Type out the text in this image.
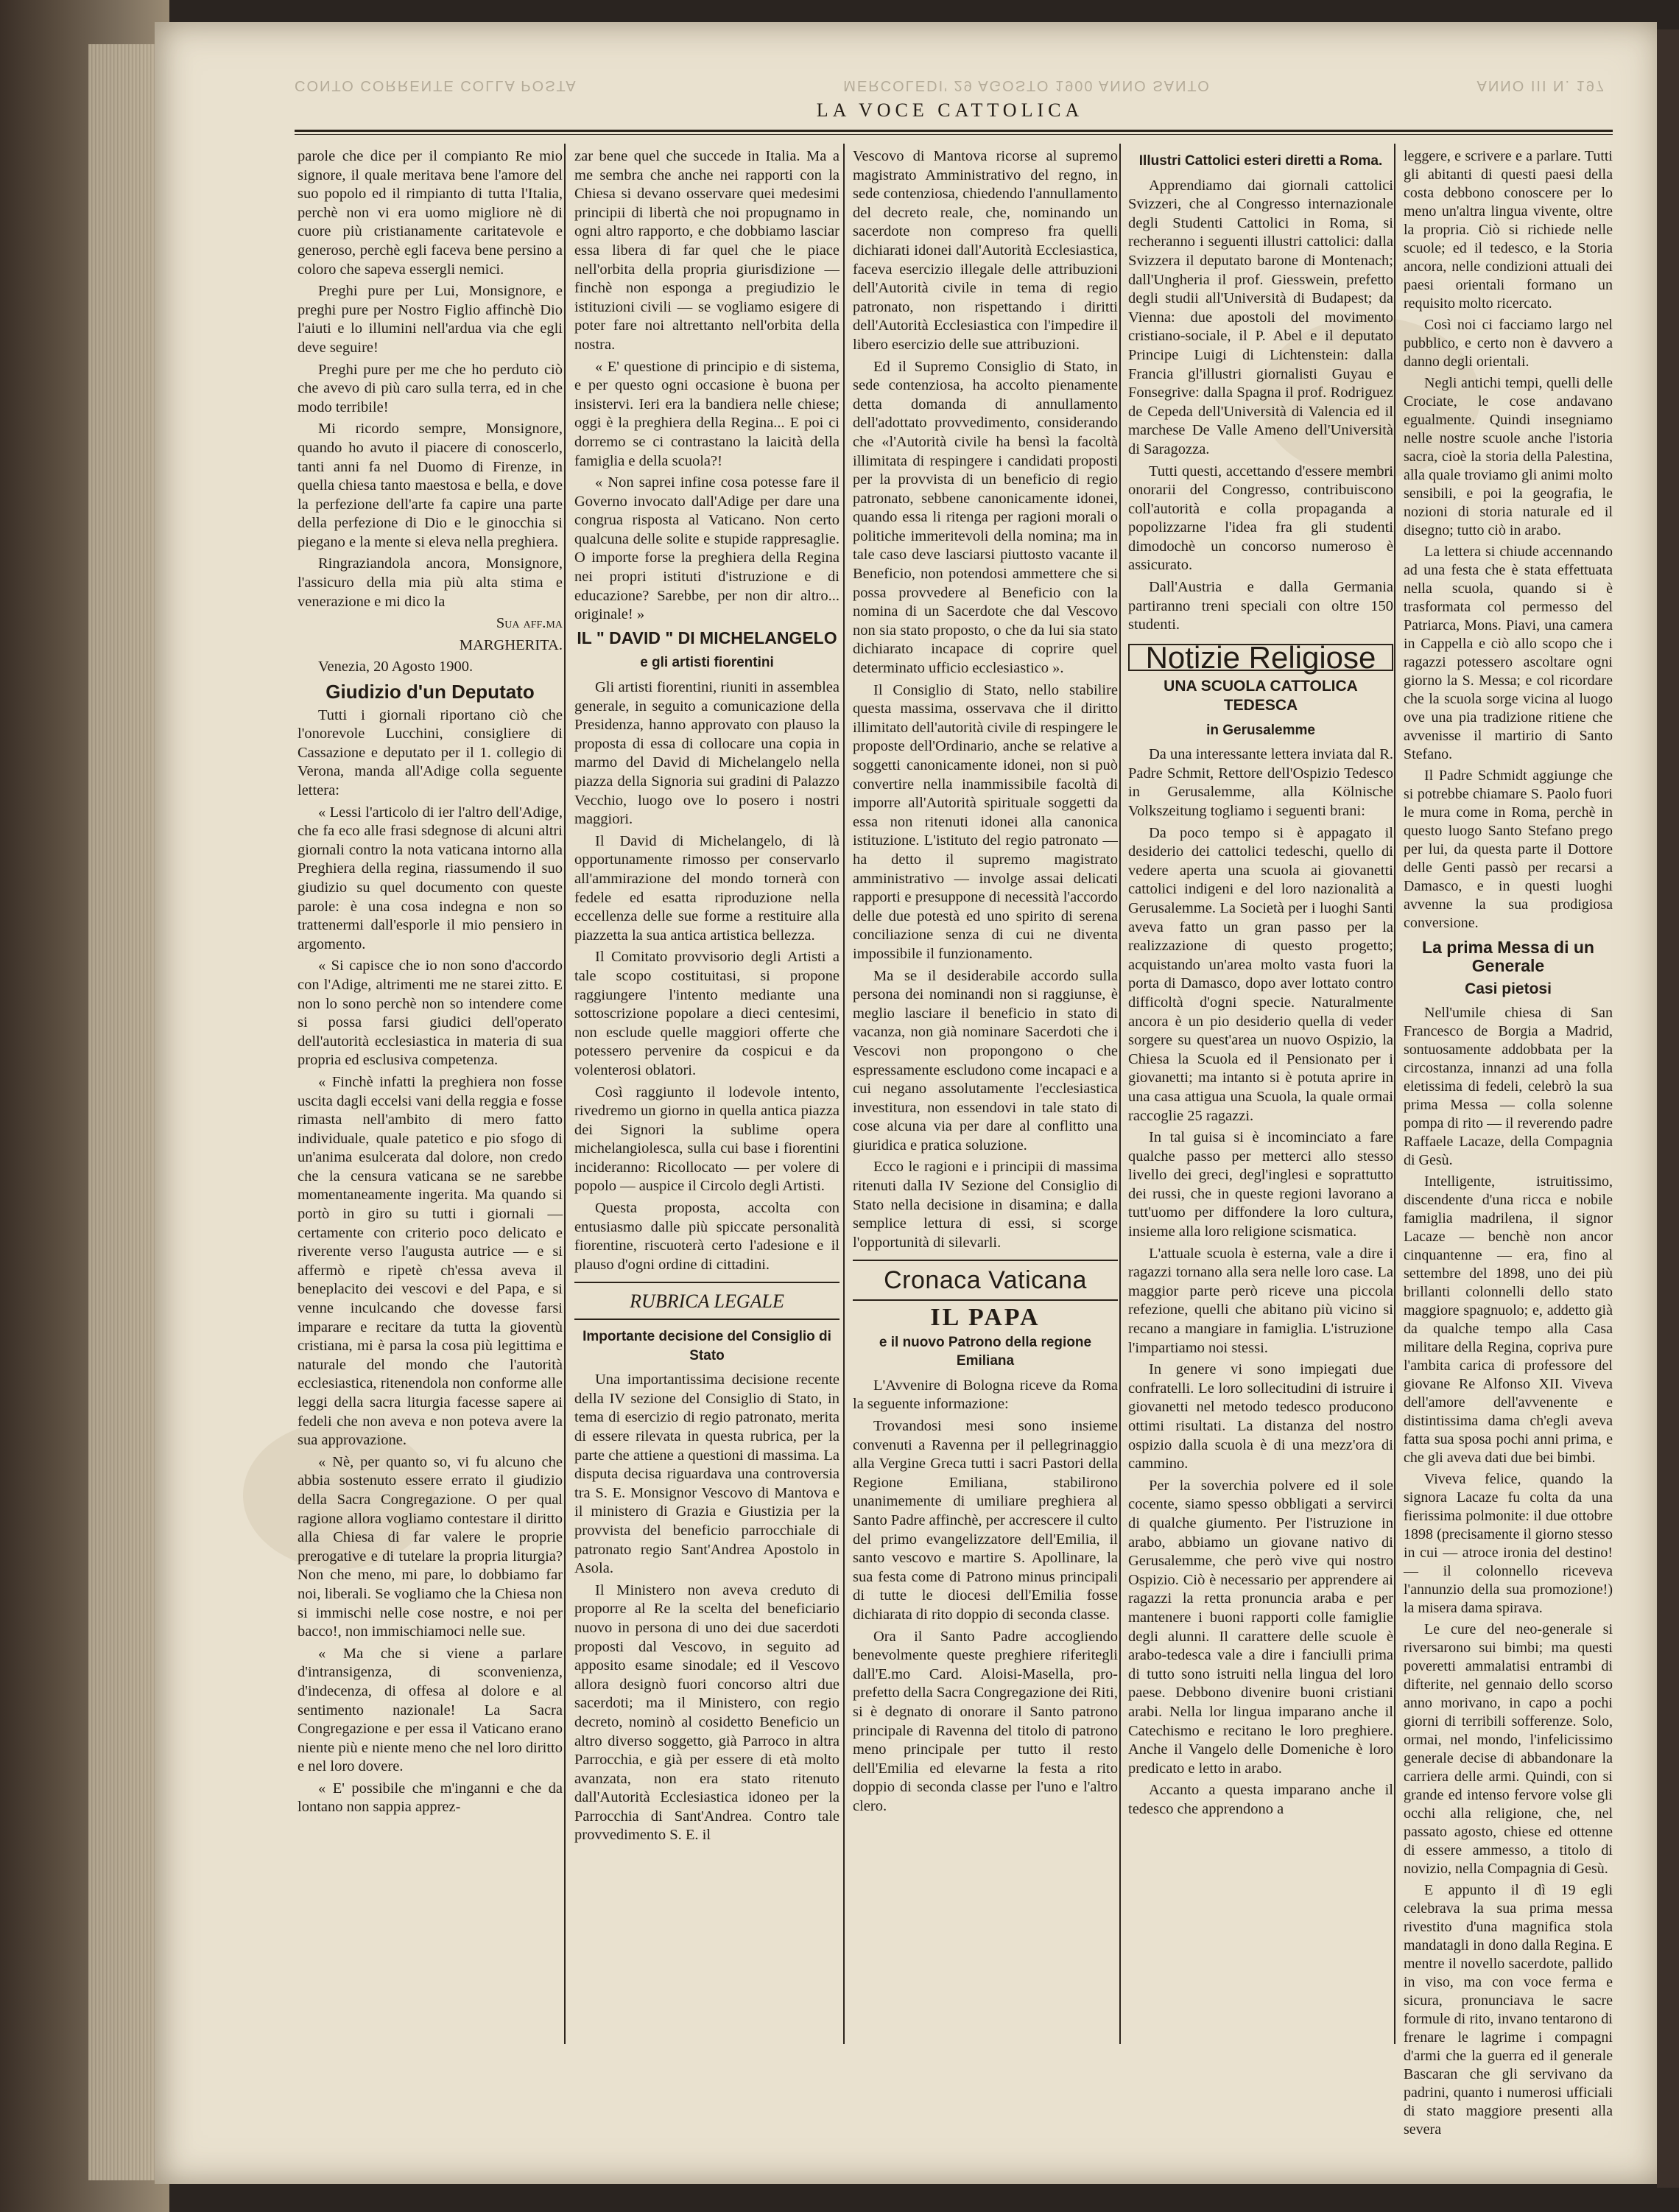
CONTO CORRENTE COLLA POSTA	MERCOLEDI' 29 AGOSTO 1900 ANNO SANTO	ANNO III N. 197
LA VOCE CATTOLICA

parole che dice per il compianto Re mio signore, il quale meritava bene l'amore del suo popolo ed il rimpianto di tutta l'Italia, perchè non vi era uomo migliore nè di cuore più cristianamente caritatevole e generoso, perchè egli faceva bene persino a coloro che sapeva essergli nemici.

Preghi pure per Lui, Monsignore, e preghi pure per Nostro Figlio affinchè Dio l'aiuti e lo illumini nell'ardua via che egli deve seguire!

Preghi pure per me che ho perduto ciò che avevo di più caro sulla terra, ed in che modo terribile!

Mi ricordo sempre, Monsignore, quando ho avuto il piacere di conoscerlo, tanti anni fa nel Duomo di Firenze, in quella chiesa tanto maestosa e bella, e dove la perfezione dell'arte fa capire una parte della perfezione di Dio e le ginocchia si piegano e la mente si eleva nella preghiera.

Ringraziandola ancora, Monsignore, l'assicuro della mia più alta stima e venerazione e mi dico la

Sua aff.ma

MARGHERITA.

Venezia, 20 Agosto 1900.

Giudizio d'un Deputato

Tutti i giornali riportano ciò che l'onorevole Lucchini, consigliere di Cassazione e deputato per il 1. collegio di Verona, manda all'Adige colla seguente lettera:

« Lessi l'articolo di ier l'altro dell'Adige, che fa eco alle frasi sdegnose di alcuni altri giornali contro la nota vaticana intorno alla Preghiera della regina, riassumendo il suo giudizio su quel documento con queste parole: è una cosa indegna e non so trattenermi dall'esporle il mio pensiero in argomento.

« Si capisce che io non sono d'accordo con l'Adige, altrimenti me ne starei zitto. E non lo sono perchè non so intendere come si possa farsi giudici dell'operato dell'autorità ecclesiastica in materia di sua propria ed esclusiva competenza.

« Finchè infatti la preghiera non fosse uscita dagli eccelsi vani della reggia e fosse rimasta nell'ambito di mero fatto individuale, quale patetico e pio sfogo di un'anima esulcerata dal dolore, non credo che la censura vaticana se ne sarebbe momentaneamente ingerita. Ma quando si portò in giro su tutti i giornali — certamente con criterio poco delicato e riverente verso l'augusta autrice — e si affermò e ripetè ch'essa aveva il beneplacito dei vescovi e del Papa, e si venne inculcando che dovesse farsi imparare e recitare da tutta la gioventù cristiana, mi è parsa la cosa più legittima e naturale del mondo che l'autorità ecclesiastica, ritenendola non conforme alle leggi della sacra liturgia facesse sapere ai fedeli che non aveva e non poteva avere la sua approvazione.

« Nè, per quanto so, vi fu alcuno che abbia sostenuto essere errato il giudizio della Sacra Congregazione. O per qual ragione allora vogliamo contestare il diritto alla Chiesa di far valere le proprie prerogative e di tutelare la propria liturgia? Non che meno, mi pare, lo dobbiamo far noi, liberali. Se vogliamo che la Chiesa non si immischi nelle cose nostre, e noi per bacco!, non immischiamoci nelle sue.

« Ma che si viene a parlare d'intransigenza, di sconvenienza, d'indecenza, di offesa al dolore e al sentimento nazionale! La Sacra Congregazione e per essa il Vaticano erano niente più e niente meno che nel loro diritto e nel loro dovere.

« E' possibile che m'inganni e che da lontano non sappia apprez-

zar bene quel che succede in Italia. Ma a me sembra che anche nei rapporti con la Chiesa si devano osservare quei medesimi principii di libertà che noi propugnamo in ogni altro rapporto, e che dobbiamo lasciar essa libera di far quel che le piace nell'orbita della propria giurisdizione — finchè non esponga a pregiudizio le istituzioni civili — se vogliamo esigere di poter fare noi altrettanto nell'orbita della nostra.

« E' questione di principio e di sistema, e per questo ogni occasione è buona per insistervi. Ieri era la bandiera nelle chiese; oggi è la preghiera della Regina... E poi ci dorremo se ci contrastano la laicità della famiglia e della scuola?!

« Non saprei infine cosa potesse fare il Governo invocato dall'Adige per dare una congrua risposta al Vaticano. Non certo qualcuna delle solite e stupide rappresaglie. O importe forse la preghiera della Regina nei propri istituti d'istruzione e di educazione? Sarebbe, per non dir altro... originale! »

IL " DAVID " DI MICHELANGELO
e gli artisti fiorentini

Gli artisti fiorentini, riuniti in assemblea generale, in seguito a comunicazione della Presidenza, hanno approvato con plauso la proposta di essa di collocare una copia in marmo del David di Michelangelo nella piazza della Signoria sui gradini di Palazzo Vecchio, luogo ove lo posero i nostri maggiori.

Il David di Michelangelo, di là opportunamente rimosso per conservarlo all'ammirazione del mondo tornerà con fedele ed esatta riproduzione nella eccellenza delle sue forme a restituire alla piazzetta la sua antica artistica bellezza.

Il Comitato provvisorio degli Artisti a tale scopo costituitasi, si propone raggiungere l'intento mediante una sottoscrizione popolare a dieci centesimi, non esclude quelle maggiori offerte che potessero pervenire da cospicui e da volenterosi oblatori.

Così raggiunto il lodevole intento, rivedremo un giorno in quella antica piazza dei Signori la sublime opera michelangiolesca, sulla cui base i fiorentini incideranno: Ricollocato — per volere di popolo — auspice il Circolo degli Artisti.

Questa proposta, accolta con entusiasmo dalle più spiccate personalità fiorentine, riscuoterà certo l'adesione e il plauso d'ogni ordine di cittadini.

RUBRICA LEGALE
Importante decisione del Consiglio di Stato

Una importantissima decisione recente della IV sezione del Consiglio di Stato, in tema di esercizio di regio patronato, merita di essere rilevata in questa rubrica, per la parte che attiene a questioni di massima. La disputa decisa riguardava una controversia tra S. E. Monsignor Vescovo di Mantova e il ministero di Grazia e Giustizia per la provvista del beneficio parrocchiale di patronato regio Sant'Andrea Apostolo in Asola.

Il Ministero non aveva creduto di proporre al Re la scelta del beneficiario nuovo in persona di uno dei due sacerdoti proposti dal Vescovo, in seguito ad apposito esame sinodale; ed il Vescovo allora designò fuori concorso altri due sacerdoti; ma il Ministero, con regio decreto, nominò al cosidetto Beneficio un altro diverso soggetto, già Parroco in altra Parrocchia, e già per essere di età molto avanzata, non era stato ritenuto dall'Autorità Ecclesiastica idoneo per la Parrocchia di Sant'Andrea. Contro tale provvedimento S. E. il

Vescovo di Mantova ricorse al supremo magistrato Amministrativo del regno, in sede contenziosa, chiedendo l'annullamento del decreto reale, che, nominando un sacerdote non compreso fra quelli dichiarati idonei dall'Autorità Ecclesiastica, faceva esercizio illegale delle attribuzioni dell'Autorità civile in tema di regio patronato, non rispettando i diritti dell'Autorità Ecclesiastica con l'impedire il libero esercizio delle sue attribuzioni.

Ed il Supremo Consiglio di Stato, in sede contenziosa, ha accolto pienamente detta domanda di annullamento dell'adottato provvedimento, considerando che «l'Autorità civile ha bensì la facoltà illimitata di respingere i candidati proposti per la provvista di un beneficio di regio patronato, sebbene canonicamente idonei, quando essa li ritenga per ragioni morali o politiche immeritevoli della nomina; ma in tale caso deve lasciarsi piuttosto vacante il Beneficio, non potendosi ammettere che si possa provvedere al Beneficio con la nomina di un Sacerdote che dal Vescovo non sia stato proposto, o che da lui sia stato dichiarato incapace di coprire quel determinato ufficio ecclesiastico ».

Il Consiglio di Stato, nello stabilire questa massima, osservava che il diritto illimitato dell'autorità civile di respingere le proposte dell'Ordinario, anche se relative a soggetti canonicamente idonei, non si può convertire nella inammissibile facoltà di imporre all'Autorità spirituale soggetti da essa non ritenuti idonei alla canonica istituzione. L'istituto del regio patronato — ha detto il supremo magistrato amministrativo — involge assai delicati rapporti e presuppone di necessità l'accordo delle due potestà ed uno spirito di serena conciliazione senza di cui ne diventa impossibile il funzionamento.

Ma se il desiderabile accordo sulla persona dei nominandi non si raggiunse, è meglio lasciare il beneficio in stato di vacanza, non già nominare Sacerdoti che i Vescovi non propongono o che espressamente escludono come incapaci e a cui negano assolutamente l'ecclesiastica investitura, non essendovi in tale stato di cose alcuna via per dare al conflitto una giuridica e pratica soluzione.

Ecco le ragioni e i principii di massima ritenuti dalla IV Sezione del Consiglio di Stato nella decisione in disamina; e dalla semplice lettura di essi, si scorge l'opportunità di silevarli.

Cronaca Vaticana
IL PAPA
e il nuovo Patrono della regione Emiliana

L'Avvenire di Bologna riceve da Roma la seguente informazione:

Trovandosi mesi sono insieme convenuti a Ravenna per il pellegrinaggio alla Vergine Greca tutti i sacri Pastori della Regione Emiliana, stabilirono unanimemente di umiliare preghiera al Santo Padre affinchè, per accrescere il culto del primo evangelizzatore dell'Emilia, il santo vescovo e martire S. Apollinare, la sua festa come di Patrono minus principali di tutte le diocesi dell'Emilia fosse dichiarata di rito doppio di seconda classe.

Ora il Santo Padre accogliendo benevolmente queste preghiere riferitegli dall'E.mo Card. Aloisi-Masella, pro-prefetto della Sacra Congregazione dei Riti, si è degnato di onorare il Santo patrono principale di Ravenna del titolo di patrono meno principale per tutto il resto dell'Emilia ed elevarne la festa a rito doppio di seconda classe per l'uno e l'altro clero.

Illustri Cattolici esteri diretti a Roma.

Apprendiamo dai giornali cattolici Svizzeri, che al Congresso internazionale degli Studenti Cattolici in Roma, si recheranno i seguenti illustri cattolici: dalla Svizzera il deputato barone di Montenach; dall'Ungheria il prof. Giesswein, prefetto degli studii all'Università di Budapest; da Vienna: due apostoli del movimento cristiano-sociale, il P. Abel e il deputato Principe Luigi di Lichtenstein: dalla Francia gl'illustri giornalisti Guyau e Fonsegrive: dalla Spagna il prof. Rodriguez de Cepeda dell'Università di Valencia ed il marchese De Valle Ameno dell'Università di Saragozza.

Tutti questi, accettando d'essere membri onorarii del Congresso, contribuiscono coll'autorità e colla propaganda a popolizzarne l'idea fra gli studenti dimodochè un concorso numeroso è assicurato.

Dall'Austria e dalla Germania partiranno treni speciali con oltre 150 studenti.

Notizie Religiose
UNA SCUOLA CATTOLICA TEDESCA
in Gerusalemme

Da una interessante lettera inviata dal R. Padre Schmit, Rettore dell'Ospizio Tedesco in Gerusalemme, alla Kölnische Volkszeitung togliamo i seguenti brani:

Da poco tempo si è appagato il desiderio dei cattolici tedeschi, quello di vedere aperta una scuola ai giovanetti cattolici indigeni e del loro nazionalità a Gerusalemme. La Società per i luoghi Santi aveva fatto un gran passo per la realizzazione di questo progetto; acquistando un'area molto vasta fuori la porta di Damasco, dopo aver lottato contro difficoltà d'ogni specie. Naturalmente ancora è un pio desiderio quella di veder sorgere su quest'area un nuovo Ospizio, la Chiesa la Scuola ed il Pensionato per i giovanetti; ma intanto si è potuta aprire in una casa attigua una Scuola, la quale ormai raccoglie 25 ragazzi.

In tal guisa si è incominciato a fare qualche passo per metterci allo stesso livello dei greci, degl'inglesi e soprattutto dei russi, che in queste regioni lavorano a tutt'uomo per diffondere la loro cultura, insieme alla loro religione scismatica.

L'attuale scuola è esterna, vale a dire i ragazzi tornano alla sera nelle loro case. La maggior parte però riceve una piccola refezione, quelli che abitano più vicino si recano a mangiare in famiglia. L'istruzione l'impartiamo noi stessi.

In genere vi sono impiegati due confratelli. Le loro sollecitudini di istruire i giovanetti nel metodo tedesco producono ottimi risultati. La distanza del nostro ospizio dalla scuola è di una mezz'ora di cammino.

Per la soverchia polvere ed il sole cocente, siamo spesso obbligati a servirci di qualche giumento. Per l'istruzione in arabo, abbiamo un giovane nativo di Gerusalemme, che però vive qui nostro Ospizio. Ciò è necessario per apprendere ai ragazzi la retta pronuncia araba e per mantenere i buoni rapporti colle famiglie degli alunni. Il carattere delle scuole è arabo-tedesca vale a dire i fanciulli prima di tutto sono istruiti nella lingua del loro paese. Debbono divenire buoni cristiani arabi. Nella lor lingua imparano anche il Catechismo e recitano le loro preghiere. Anche il Vangelo delle Domeniche è loro predicato e letto in arabo.

Accanto a questa imparano anche il tedesco che apprendono a

leggere, e scrivere e a parlare. Tutti gli abitanti di questi paesi della costa debbono conoscere per lo meno un'altra lingua vivente, oltre la propria. Ciò si richiede nelle scuole; ed il tedesco, e la Storia ancora, nelle condizioni attuali dei paesi orientali formano un requisito molto ricercato.

Così noi ci facciamo largo nel pubblico, e certo non è davvero a danno degli orientali.

Negli antichi tempi, quelli delle Crociate, le cose andavano egualmente. Quindi insegniamo nelle nostre scuole anche l'istoria sacra, cioè la storia della Palestina, alla quale troviamo gli animi molto sensibili, e poi la geografia, le nozioni di storia naturale ed il disegno; tutto ciò in arabo.

La lettera si chiude accennando ad una festa che è stata effettuata nella scuola, quando si è trasformata col permesso del Patriarca, Mons. Piavi, una camera in Cappella e ciò allo scopo che i ragazzi potessero ascoltare ogni giorno la S. Messa; e col ricordare che la scuola sorge vicina al luogo ove una pia tradizione ritiene che avvenisse il martirio di Santo Stefano.

Il Padre Schmidt aggiunge che si potrebbe chiamare S. Paolo fuori le mura come in Roma, perchè in questo luogo Santo Stefano prego per lui, da questa parte il Dottore delle Genti passò per recarsi a Damasco, e in questi luoghi avvenne la sua prodigiosa conversione.

La prima Messa di un Generale
Casi pietosi

Nell'umile chiesa di San Francesco de Borgia a Madrid, sontuosamente addobbata per la circostanza, innanzi ad una folla eletissima di fedeli, celebrò la sua prima Messa — colla solenne pompa di rito — il reverendo padre Raffaele Lacaze, della Compagnia di Gesù.

Intelligente, istruitissimo, discendente d'una ricca e nobile famiglia madrilena, il signor Lacaze — benchè non ancor cinquantenne — era, fino al settembre del 1898, uno dei più brillanti colonnelli dello stato maggiore spagnuolo; e, addetto già da qualche tempo alla Casa militare della Regina, copriva pure l'ambita carica di professore del giovane Re Alfonso XII. Viveva dell'amore dell'avvenente e distintissima dama ch'egli aveva fatta sua sposa pochi anni prima, e che gli aveva dati due bei bimbi.

Viveva felice, quando la signora Lacaze fu colta da una fierissima polmonite: il due ottobre 1898 (precisamente il giorno stesso in cui — atroce ironia del destino! — il colonnello riceveva l'annunzio della sua promozione!) la misera dama spirava.

Le cure del neo-generale si riversarono sui bimbi; ma questi poveretti ammalatisi entrambi di difterite, nel gennaio dello scorso anno morivano, in capo a pochi giorni di terribili sofferenze. Solo, ormai, nel mondo, l'infelicissimo generale decise di abbandonare la carriera delle armi. Quindi, con si grande ed intenso fervore volse gli occhi alla religione, che, nel passato agosto, chiese ed ottenne di essere ammesso, a titolo di novizio, nella Compagnia di Gesù.

E appunto il dì 19 egli celebrava la sua prima messa rivestito d'una magnifica stola mandatagli in dono dalla Regina. E mentre il novello sacerdote, pallido in viso, ma con voce ferma e sicura, pronunciava le sacre formule di rito, invano tentarono di frenare le lagrime i compagni d'armi che la guerra ed il generale Bascaran che gli servivano da padrini, quanto i numerosi ufficiali di stato maggiore presenti alla severa
